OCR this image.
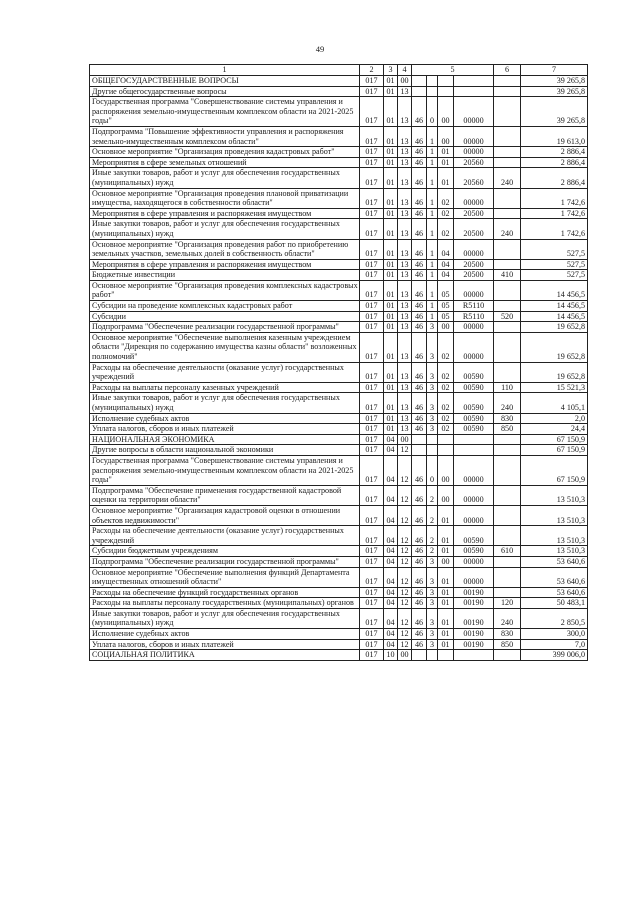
49
1	2	3	4	5				6	7
ОБЩЕГОСУДАРСТВЕННЫЕ ВОПРОСЫ	017	01	00						39 265,8
Другие общегосударственные вопросы	017	01	13						39 265,8
Государственная программа "Совершенствование системы управления и распоряжения земельно-имущественным комплексом области на 2021-2025 годы"	017	01	13	46	0	00	00000		39 265,8
Подпрограмма "Повышение эффективности управления и распоряжения земельно-имущественным комплексом области"	017	01	13	46	1	00	00000		19 613,0
Основное мероприятие "Организация проведения кадастровых работ"	017	01	13	46	1	01	00000		2 886,4
Мероприятия в сфере земельных отношений	017	01	13	46	1	01	20560		2 886,4
Иные закупки товаров, работ и услуг для обеспечения государственных (муниципальных) нужд	017	01	13	46	1	01	20560	240	2 886,4
Основное мероприятие "Организация проведения плановой приватизации имущества, находящегося в собственности области"	017	01	13	46	1	02	00000		1 742,6
Мероприятия в сфере управления и распоряжения имуществом	017	01	13	46	1	02	20500		1 742,6
Иные закупки товаров, работ и услуг для обеспечения государственных (муниципальных) нужд	017	01	13	46	1	02	20500	240	1 742,6
Основное мероприятие "Организация проведения работ по приобретению земельных участков, земельных долей в собственность области"	017	01	13	46	1	04	00000		527,5
Мероприятия в сфере управления и распоряжения имуществом	017	01	13	46	1	04	20500		527,5
Бюджетные инвестиции	017	01	13	46	1	04	20500	410	527,5
Основное мероприятие "Организация проведения комплексных кадастровых работ"	017	01	13	46	1	05	00000		14 456,5
Субсидии на проведение комплексных кадастровых работ	017	01	13	46	1	05	R5110		14 456,5
Субсидии	017	01	13	46	1	05	R5110	520	14 456,5
Подпрограмма "Обеспечение реализации государственной программы"	017	01	13	46	3	00	00000		19 652,8
Основное мероприятие "Обеспечение выполнения казенным учреждением области "Дирекция по содержанию имущества казны области" возложенных полномочий"	017	01	13	46	3	02	00000		19 652,8
Расходы на обеспечение деятельности (оказание услуг) государственных учреждений	017	01	13	46	3	02	00590		19 652,8
Расходы на выплаты персоналу казенных учреждений	017	01	13	46	3	02	00590	110	15 521,3
Иные закупки товаров, работ и услуг для обеспечения государственных (муниципальных) нужд	017	01	13	46	3	02	00590	240	4 105,1
Исполнение судебных актов	017	01	13	46	3	02	00590	830	2,0
Уплата налогов, сборов и иных платежей	017	01	13	46	3	02	00590	850	24,4
НАЦИОНАЛЬНАЯ ЭКОНОМИКА	017	04	00						67 150,9
Другие вопросы в области национальной экономики	017	04	12						67 150,9
Государственная программа "Совершенствование системы управления и распоряжения земельно-имущественным комплексом области на 2021-2025 годы"	017	04	12	46	0	00	00000		67 150,9
Подпрограмма "Обеспечение применения государственной кадастровой оценки на территории области"	017	04	12	46	2	00	00000		13 510,3
Основное мероприятие "Организация кадастровой оценки в отношении объектов недвижимости"	017	04	12	46	2	01	00000		13 510,3
Расходы на обеспечение деятельности (оказание услуг) государственных учреждений	017	04	12	46	2	01	00590		13 510,3
Субсидии бюджетным учреждениям	017	04	12	46	2	01	00590	610	13 510,3
Подпрограмма "Обеспечение реализации государственной программы"	017	04	12	46	3	00	00000		53 640,6
Основное мероприятие "Обеспечение выполнения функций Департамента имущественных отношений области"	017	04	12	46	3	01	00000		53 640,6
Расходы на обеспечение функций государственных органов	017	04	12	46	3	01	00190		53 640,6
Расходы на выплаты персоналу государственных (муниципальных) органов	017	04	12	46	3	01	00190	120	50 483,1
Иные закупки товаров, работ и услуг для обеспечения государственных (муниципальных) нужд	017	04	12	46	3	01	00190	240	2 850,5
Исполнение судебных актов	017	04	12	46	3	01	00190	830	300,0
Уплата налогов, сборов и иных платежей	017	04	12	46	3	01	00190	850	7,0
СОЦИАЛЬНАЯ ПОЛИТИКА	017	10	00						399 006,0
